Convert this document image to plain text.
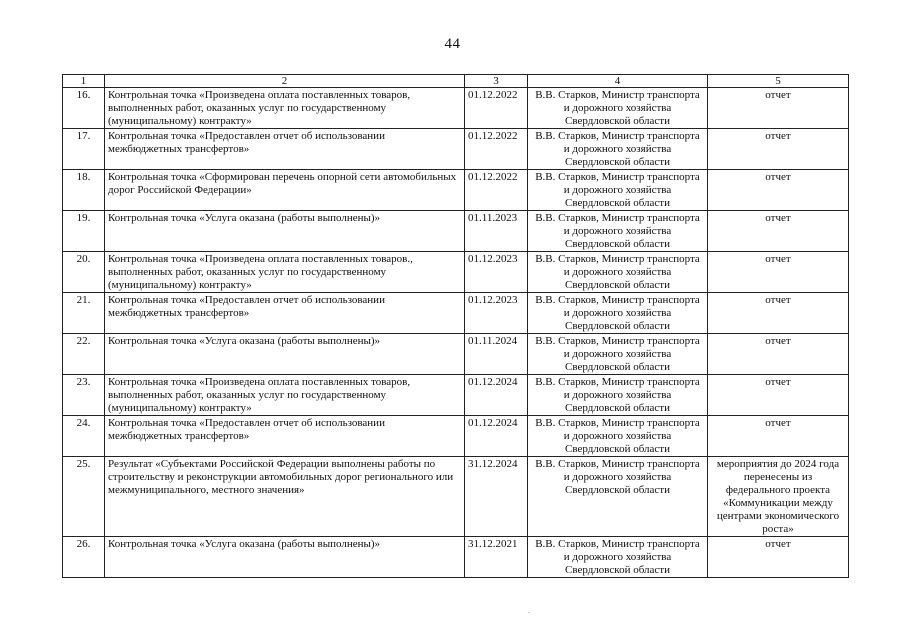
44
1	2	3	4	5
16.	Контрольная точка «Произведена оплата поставленных товаров, выполненных работ, оказанных услуг по государственному (муниципальному) контракту»	01.12.2022	В.В. Старков, Министр транспорта и дорожного хозяйства Свердловской области	отчет
17.	Контрольная точка «Предоставлен отчет об использовании межбюджетных трансфертов»	01.12.2022	В.В. Старков, Министр транспорта и дорожного хозяйства Свердловской области	отчет
18.	Контрольная точка «Сформирован перечень опорной сети автомобильных дорог Российской Федерации»	01.12.2022	В.В. Старков, Министр транспорта и дорожного хозяйства Свердловской области	отчет
19.	Контрольная точка «Услуга оказана (работы выполнены)»	01.11.2023	В.В. Старков, Министр транспорта и дорожного хозяйства Свердловской области	отчет
20.	Контрольная точка «Произведена оплата поставленных товаров., выполненных работ, оказанных услуг по государственному (муниципальному) контракту»	01.12.2023	В.В. Старков, Министр транспорта и дорожного хозяйства Свердловской области	отчет
21.	Контрольная точка «Предоставлен отчет об использовании межбюджетных трансфертов»	01.12.2023	В.В. Старков, Министр транспорта и дорожного хозяйства Свердловской области	отчет
22.	Контрольная точка «Услуга оказана (работы выполнены)»	01.11.2024	В.В. Старков, Министр транспорта и дорожного хозяйства Свердловской области	отчет
23.	Контрольная точка «Произведена оплата поставленных товаров, выполненных работ, оказанных услуг по государственному (муниципальному) контракту»	01.12.2024	В.В. Старков, Министр транспорта и дорожного хозяйства Свердловской области	отчет
24.	Контрольная точка «Предоставлен отчет об использовании межбюджетных трансфертов»	01.12.2024	В.В. Старков, Министр транспорта и дорожного хозяйства Свердловской области	отчет
25.	Результат «Субъектами Российской Федерации выполнены работы по строительству и реконструкции автомобильных дорог регионального или межмуниципального, местного значения»	31.12.2024	В.В. Старков, Министр транспорта и дорожного хозяйства Свердловской области	мероприятия до 2024 года перенесены из федерального проекта «Коммуникации между центрами экономического роста»
26.	Контрольная точка «Услуга оказана (работы выполнены)»	31.12.2021	В.В. Старков, Министр транспорта и дорожного хозяйства Свердловской области	отчет
